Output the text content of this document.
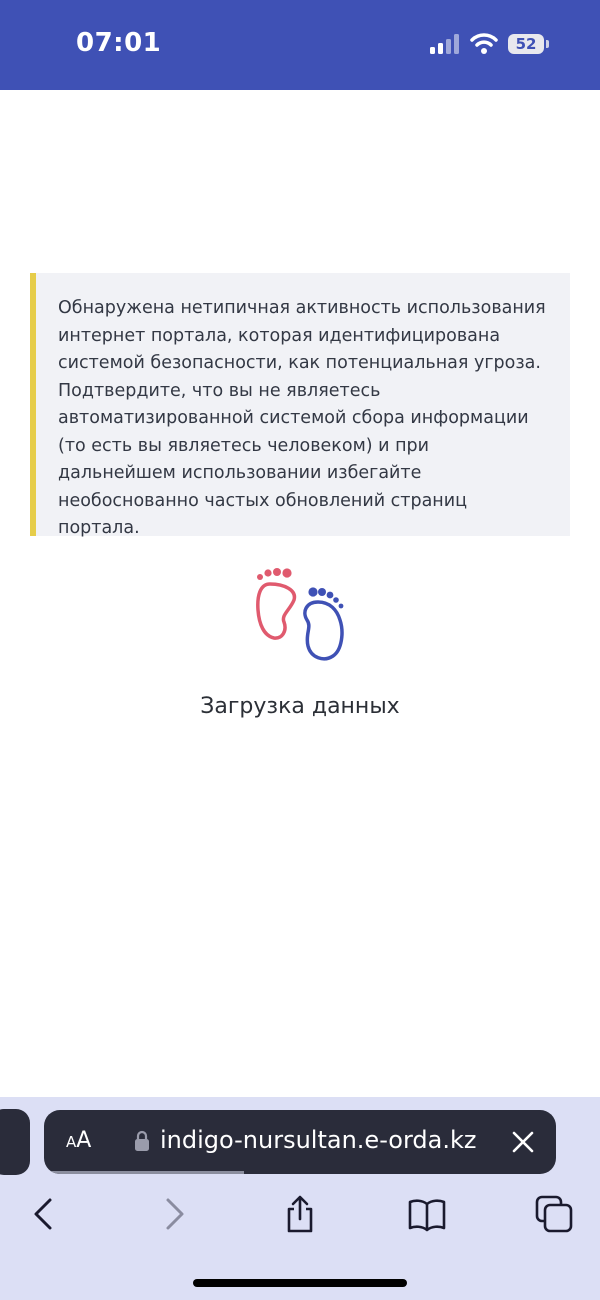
07:01	52

Обнаружена нетипичная активность использования интернет портала, которая идентифицирована системой безопасности, как потенциальная угроза. Подтвердите, что вы не являетесь автоматизированной системой сбора информации (то есть вы являетесь человеком) и при дальнейшем использовании избегайте необоснованно частых обновлений страниц портала.

Загрузка данных
AA	indigo-nursultan.e-orda.kz
